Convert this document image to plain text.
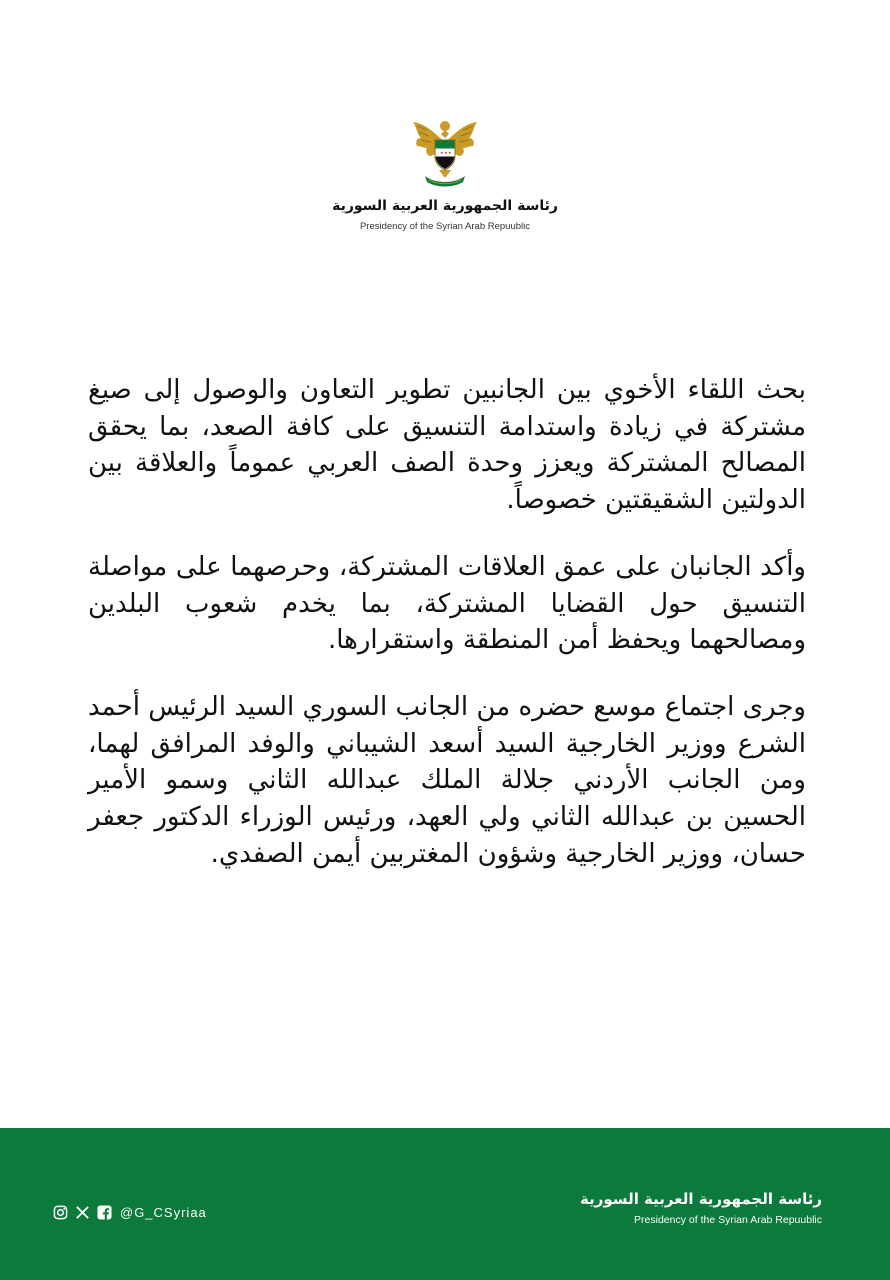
★ ★ ★
رئاسة الجمهورية العربية السورية
Presidency of the Syrian Arab Repuublic

بحث اللقاء الأخوي بين الجانبين تطوير التعاون والوصول إلى صيغ مشتركة في زيادة واستدامة التنسيق على كافة الصعد، بما يحقق المصالح المشتركة ويعزز وحدة الصف العربي عموماً والعلاقة بين الدولتين الشقيقتين خصوصاً.

وأكد الجانبان على عمق العلاقات المشتركة، وحرصهما على مواصلة التنسيق حول القضايا المشتركة، بما يخدم شعوب البلدين ومصالحهما ويحفظ أمن المنطقة واستقرارها.

وجرى اجتماع موسع حضره من الجانب السوري السيد الرئيس أحمد الشرع ووزير الخارجية السيد أسعد الشيباني والوفد المرافق لهما، ومن الجانب الأردني جلالة الملك عبدالله الثاني وسمو الأمير الحسين بن عبدالله الثاني ولي العهد، ورئيس الوزراء الدكتور جعفر حسان، ووزير الخارجية وشؤون المغتربين أيمن الصفدي.

@G_CSyriaa
رئاسة الجمهورية العربية السورية
Presidency of the Syrian Arab Repuublic
